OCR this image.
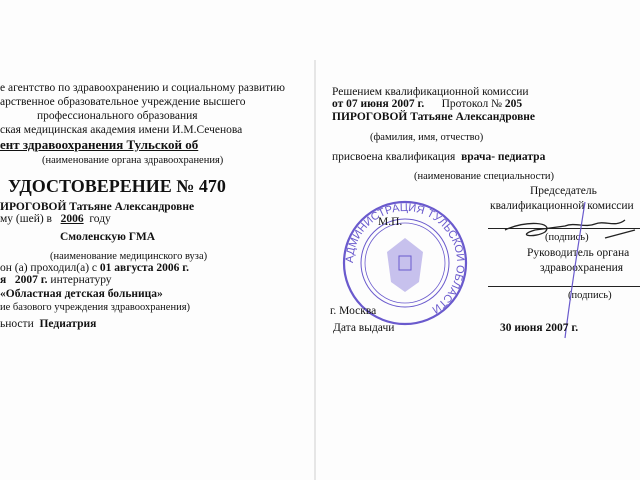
е агентство по здравоохранению и социальному развитию
арственное образовательное учреждение высшего
профессионального образования
ская медицинская академия имени И.М.Сеченова
ент здравоохранения Тульской об
(наименование органа здравоохранения)
УДОСТОВЕРЕНИЕ № 470
ИРОГОВОЙ Татьяне Александровне
му (шей) в 2006 году
Смоленскую ГМА
(наименование медицинского вуза)
он (а) проходил(а) с 01 августа 2006 г.
я 2007 г. интернатуру
«Областная детская больница»
ие базового учреждения здравоохранения)
ьности Педиатрия
Решением квалификационной комиссии
от 07 июня 2007 г. Протокол № 205
ПИРОГОВОЙ Татьяне Александровне
(фамилия, имя, отчество)
присвоена квалификация врача- педиатра
(наименование специальности)
Председатель
квалификационной комиссии
(подпись)
Руководитель органа
здравоохранения
(подпись)
АДМИНИСТРАЦИЯ ТУЛЬСКОЙ ОБЛАСТИ
М.П.
г. Москва
Дата выдачи	30 июня 2007 г.
